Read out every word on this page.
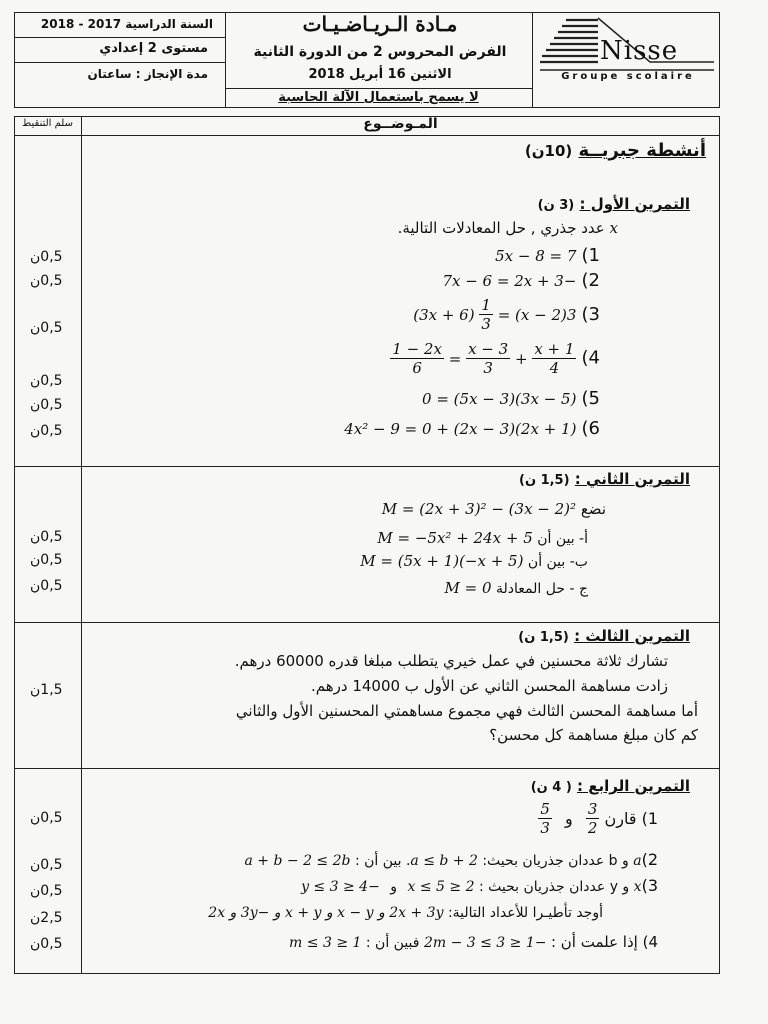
السنة الدراسية 2017 - 2018
مستوى 2 إعدادي
مدة الإنجاز : ساعتان
مـادة الـريـاضـيـات
الفرض المحروس 2 من الدورة الثانية
الاثنين 16 أبريل 2018
Nisse
Groupe scolaire
لا يسمح باستعمال الآلة الحاسبة
سلم التنقيط	المـوضــوع
أنشطة جبريــة (10ن)
التمرين الأول : (3 ن)
x عدد جذري , حل المعادلات التالية.
1) 5x − 8 = 7
2) −7x − 6 = 2x + 3
3) 3(x − 2) =
$\frac{1}{3}$
(3x + 6)
4)
$\frac{x + 1}{4}$
+
$\frac{x - 3}{3}$
=
$\frac{1 - 2x}{6}$
5) (3x − 5)(5x − 3) = 0
6) (2x + 1)(2x − 3) + 4x² − 9 = 0
التمرين الثاني : (1,5 ن)
نضع M = (2x + 3)² − (3x − 2)²
أ- بين أن M = −5x² + 24x + 5
ب- بين أن M = (5x + 1)(−x + 5)
ج - حل المعادلة M = 0
التمرين الثالث : (1,5 ن)
تشارك ثلاثة محسنين في عمل خيري يتطلب مبلغا قدره 60000 درهم.
زادت مساهمة المحسن الثاني عن الأول ب 14000 درهم.
أما مساهمة المحسن الثالث فهي مجموع مساهمتي المحسنين الأول والثاني
كم كان مبلغ مساهمة كل محسن؟
التمرين الرابع : ( 4 ن)
1) قارن
$\frac{3}{2}$
و
$\frac{5}{3}$
2)a و b عددان جذريان بحيث: a ≤ b + 2. بين أن : a + b − 2 ≤ 2b
3)x و y عددان جذريان بحيث : 2 ≤ x ≤ 5 و −4 ≤ y ≤ 3
أوجد تأطيـرا للأعداد التالية: 2x + 3y و x − y و x + y و −3y و 2x
4) إذا علمت أن : −1 ≤ 2m − 3 ≤ 3 فبين أن : 1 ≤ m ≤ 3
0,5ن
0,5ن
0,5ن
0,5ن
0,5ن
0,5ن
0,5ن
0,5ن
0,5ن
1,5ن
0,5ن
0,5ن
0,5ن
2,5ن
0,5ن
